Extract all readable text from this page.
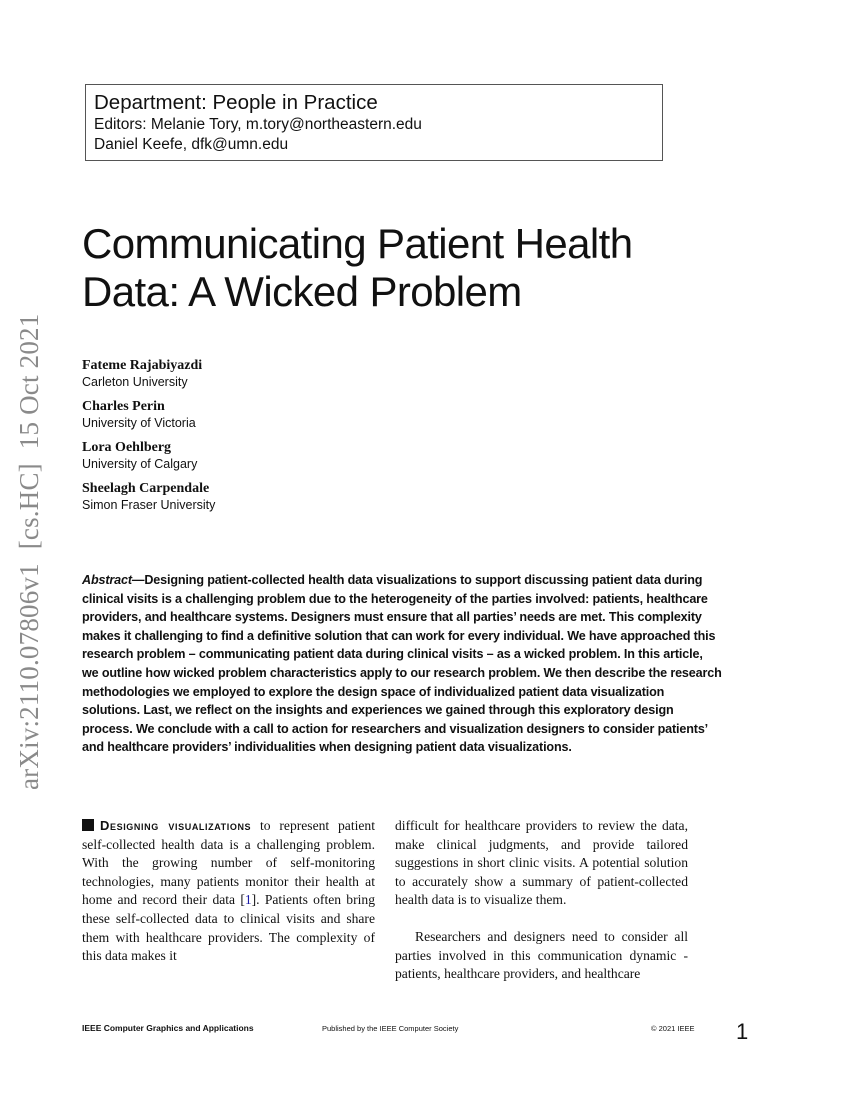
arXiv:2110.07806v1  [cs.HC]  15 Oct 2021
Department: People in Practice
Editors: Melanie Tory, m.tory@northeastern.edu
Daniel Keefe, dfk@umn.edu
Communicating Patient Health
Data: A Wicked Problem
Fateme Rajabiyazdi
Carleton University
Charles Perin
University of Victoria
Lora Oehlberg
University of Calgary
Sheelagh Carpendale
Simon Fraser University
Abstract—Designing patient-collected health data visualizations to support discussing patient data during clinical visits is a challenging problem due to the heterogeneity of the parties involved: patients, healthcare providers, and healthcare systems. Designers must ensure that all parties’ needs are met. This complexity makes it challenging to find a definitive solution that can work for every individual. We have approached this research problem – communicating patient data during clinical visits – as a wicked problem. In this article, we outline how wicked problem characteristics apply to our research problem. We then describe the research methodologies we employed to explore the design space of individualized patient data visualization solutions. Last, we reflect on the insights and experiences we gained through this exploratory design process. We conclude with a call to action for researchers and visualization designers to consider patients’ and healthcare providers’ individualities when designing patient data visualizations.
Designing visualizations to represent patient self-collected health data is a challenging problem. With the growing number of self-monitoring technologies, many patients monitor their health at home and record their data [1]. Patients often bring these self-collected data to clinical visits and share them with healthcare providers. The complexity of this data makes it
difficult for healthcare providers to review the data, make clinical judgments, and provide tailored suggestions in short clinic visits. A potential solution to accurately show a summary of patient-collected health data is to visualize them.
Researchers and designers need to consider all parties involved in this communication dynamic - patients, healthcare providers, and healthcare
IEEE Computer Graphics and Applications	Published by the IEEE Computer Society	© 2021 IEEE 1
